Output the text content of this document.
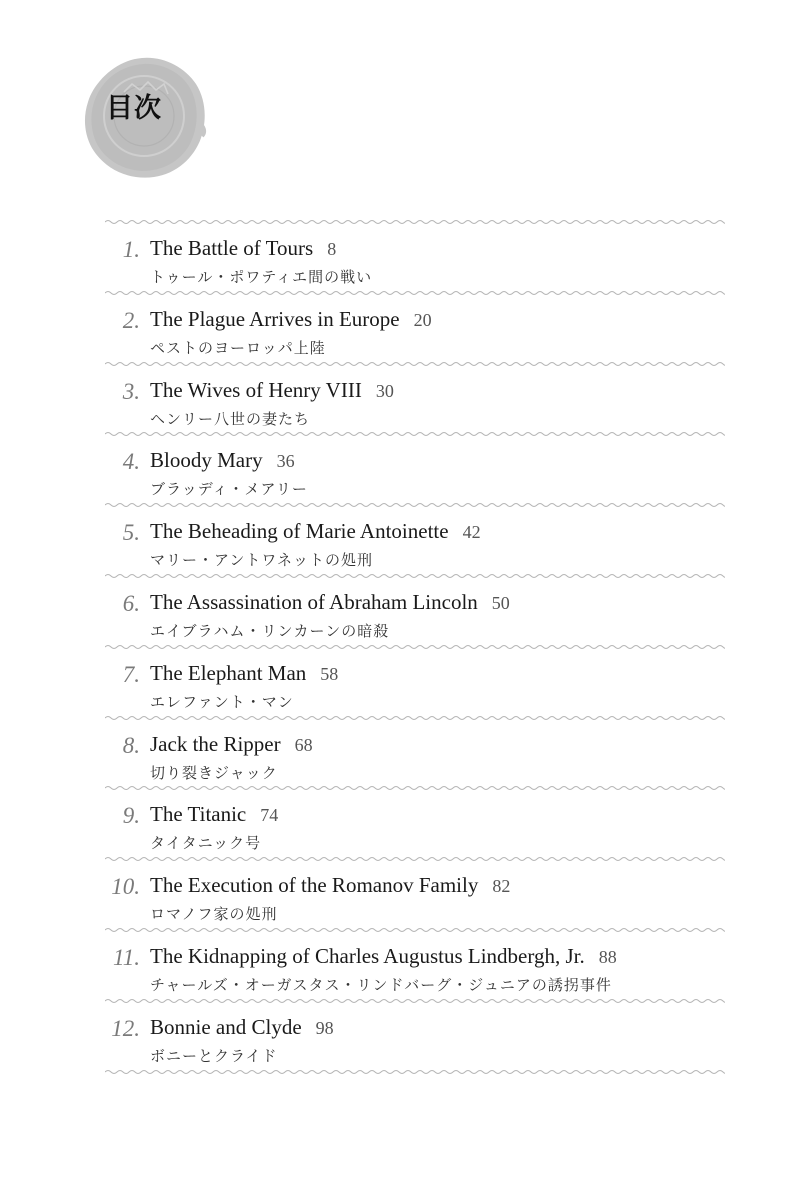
目次
1. The Battle of Tours 8
トゥール・ポワティエ間の戦い
2. The Plague Arrives in Europe 20
ペストのヨーロッパ上陸
3. The Wives of Henry VIII 30
ヘンリー八世の妻たち
4. Bloody Mary 36
ブラッディ・メアリー
5. The Beheading of Marie Antoinette 42
マリー・アントワネットの処刑
6. The Assassination of Abraham Lincoln 50
エイブラハム・リンカーンの暗殺
7. The Elephant Man 58
エレファント・マン
8. Jack the Ripper 68
切り裂きジャック
9. The Titanic 74
タイタニック号
10. The Execution of the Romanov Family 82
ロマノフ家の処刑
11. The Kidnapping of Charles Augustus Lindbergh, Jr. 88
チャールズ・オーガスタス・リンドバーグ・ジュニアの誘拐事件
12. Bonnie and Clyde 98
ボニーとクライド
